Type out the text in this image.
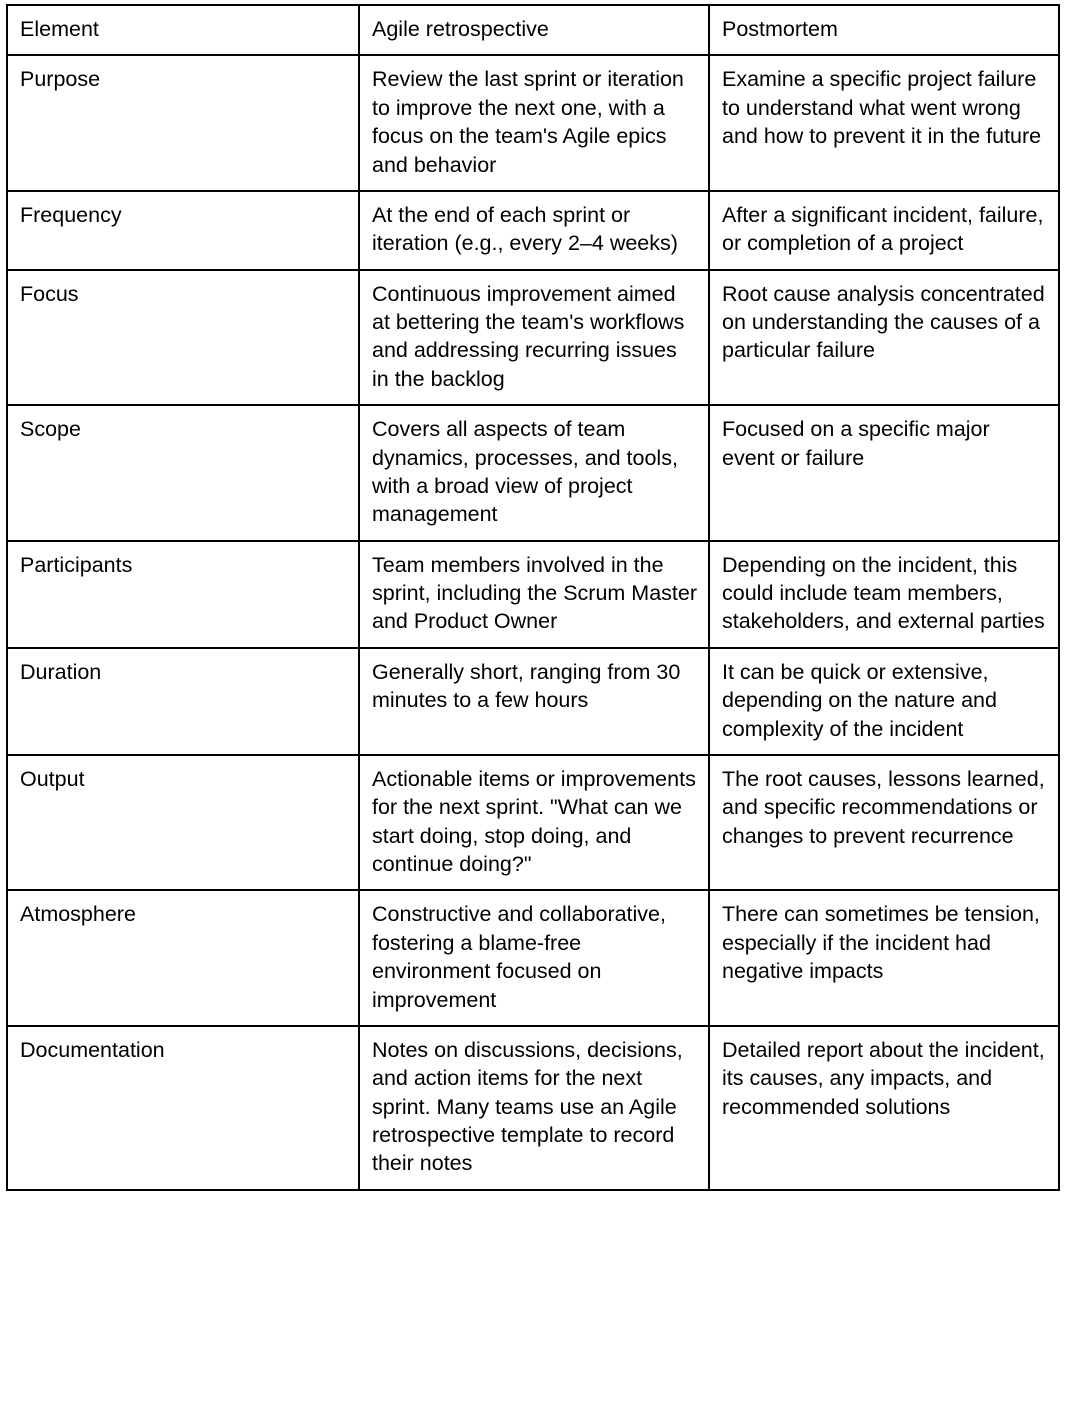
Element	Agile retrospective	Postmortem
Purpose	Review the last sprint or iteration to improve the next one, with a focus on the team's Agile epics and behavior	Examine a specific project failure to understand what went wrong and how to prevent it in the future
Frequency	At the end of each sprint or iteration (e.g., every 2–4 weeks)	After a significant incident, failure, or completion of a project
Focus	Continuous improvement aimed at bettering the team's workflows and addressing recurring issues in the backlog	Root cause analysis concentrated on understanding the causes of a particular failure
Scope	Covers all aspects of team dynamics, processes, and tools, with a broad view of project management	Focused on a specific major event or failure
Participants	Team members involved in the sprint, including the Scrum Master and Product Owner	Depending on the incident, this could include team members, stakeholders, and external parties
Duration	Generally short, ranging from 30 minutes to a few hours	It can be quick or extensive, depending on the nature and complexity of the incident
Output	Actionable items or improvements for the next sprint. "What can we start doing, stop doing, and continue doing?"	The root causes, lessons learned, and specific recommendations or changes to prevent recurrence
Atmosphere	Constructive and collaborative, fostering a blame-free environment focused on improvement	There can sometimes be tension, especially if the incident had negative impacts
Documentation	Notes on discussions, decisions, and action items for the next sprint. Many teams use an Agile retrospective template to record their notes	Detailed report about the incident, its causes, any impacts, and recommended solutions
